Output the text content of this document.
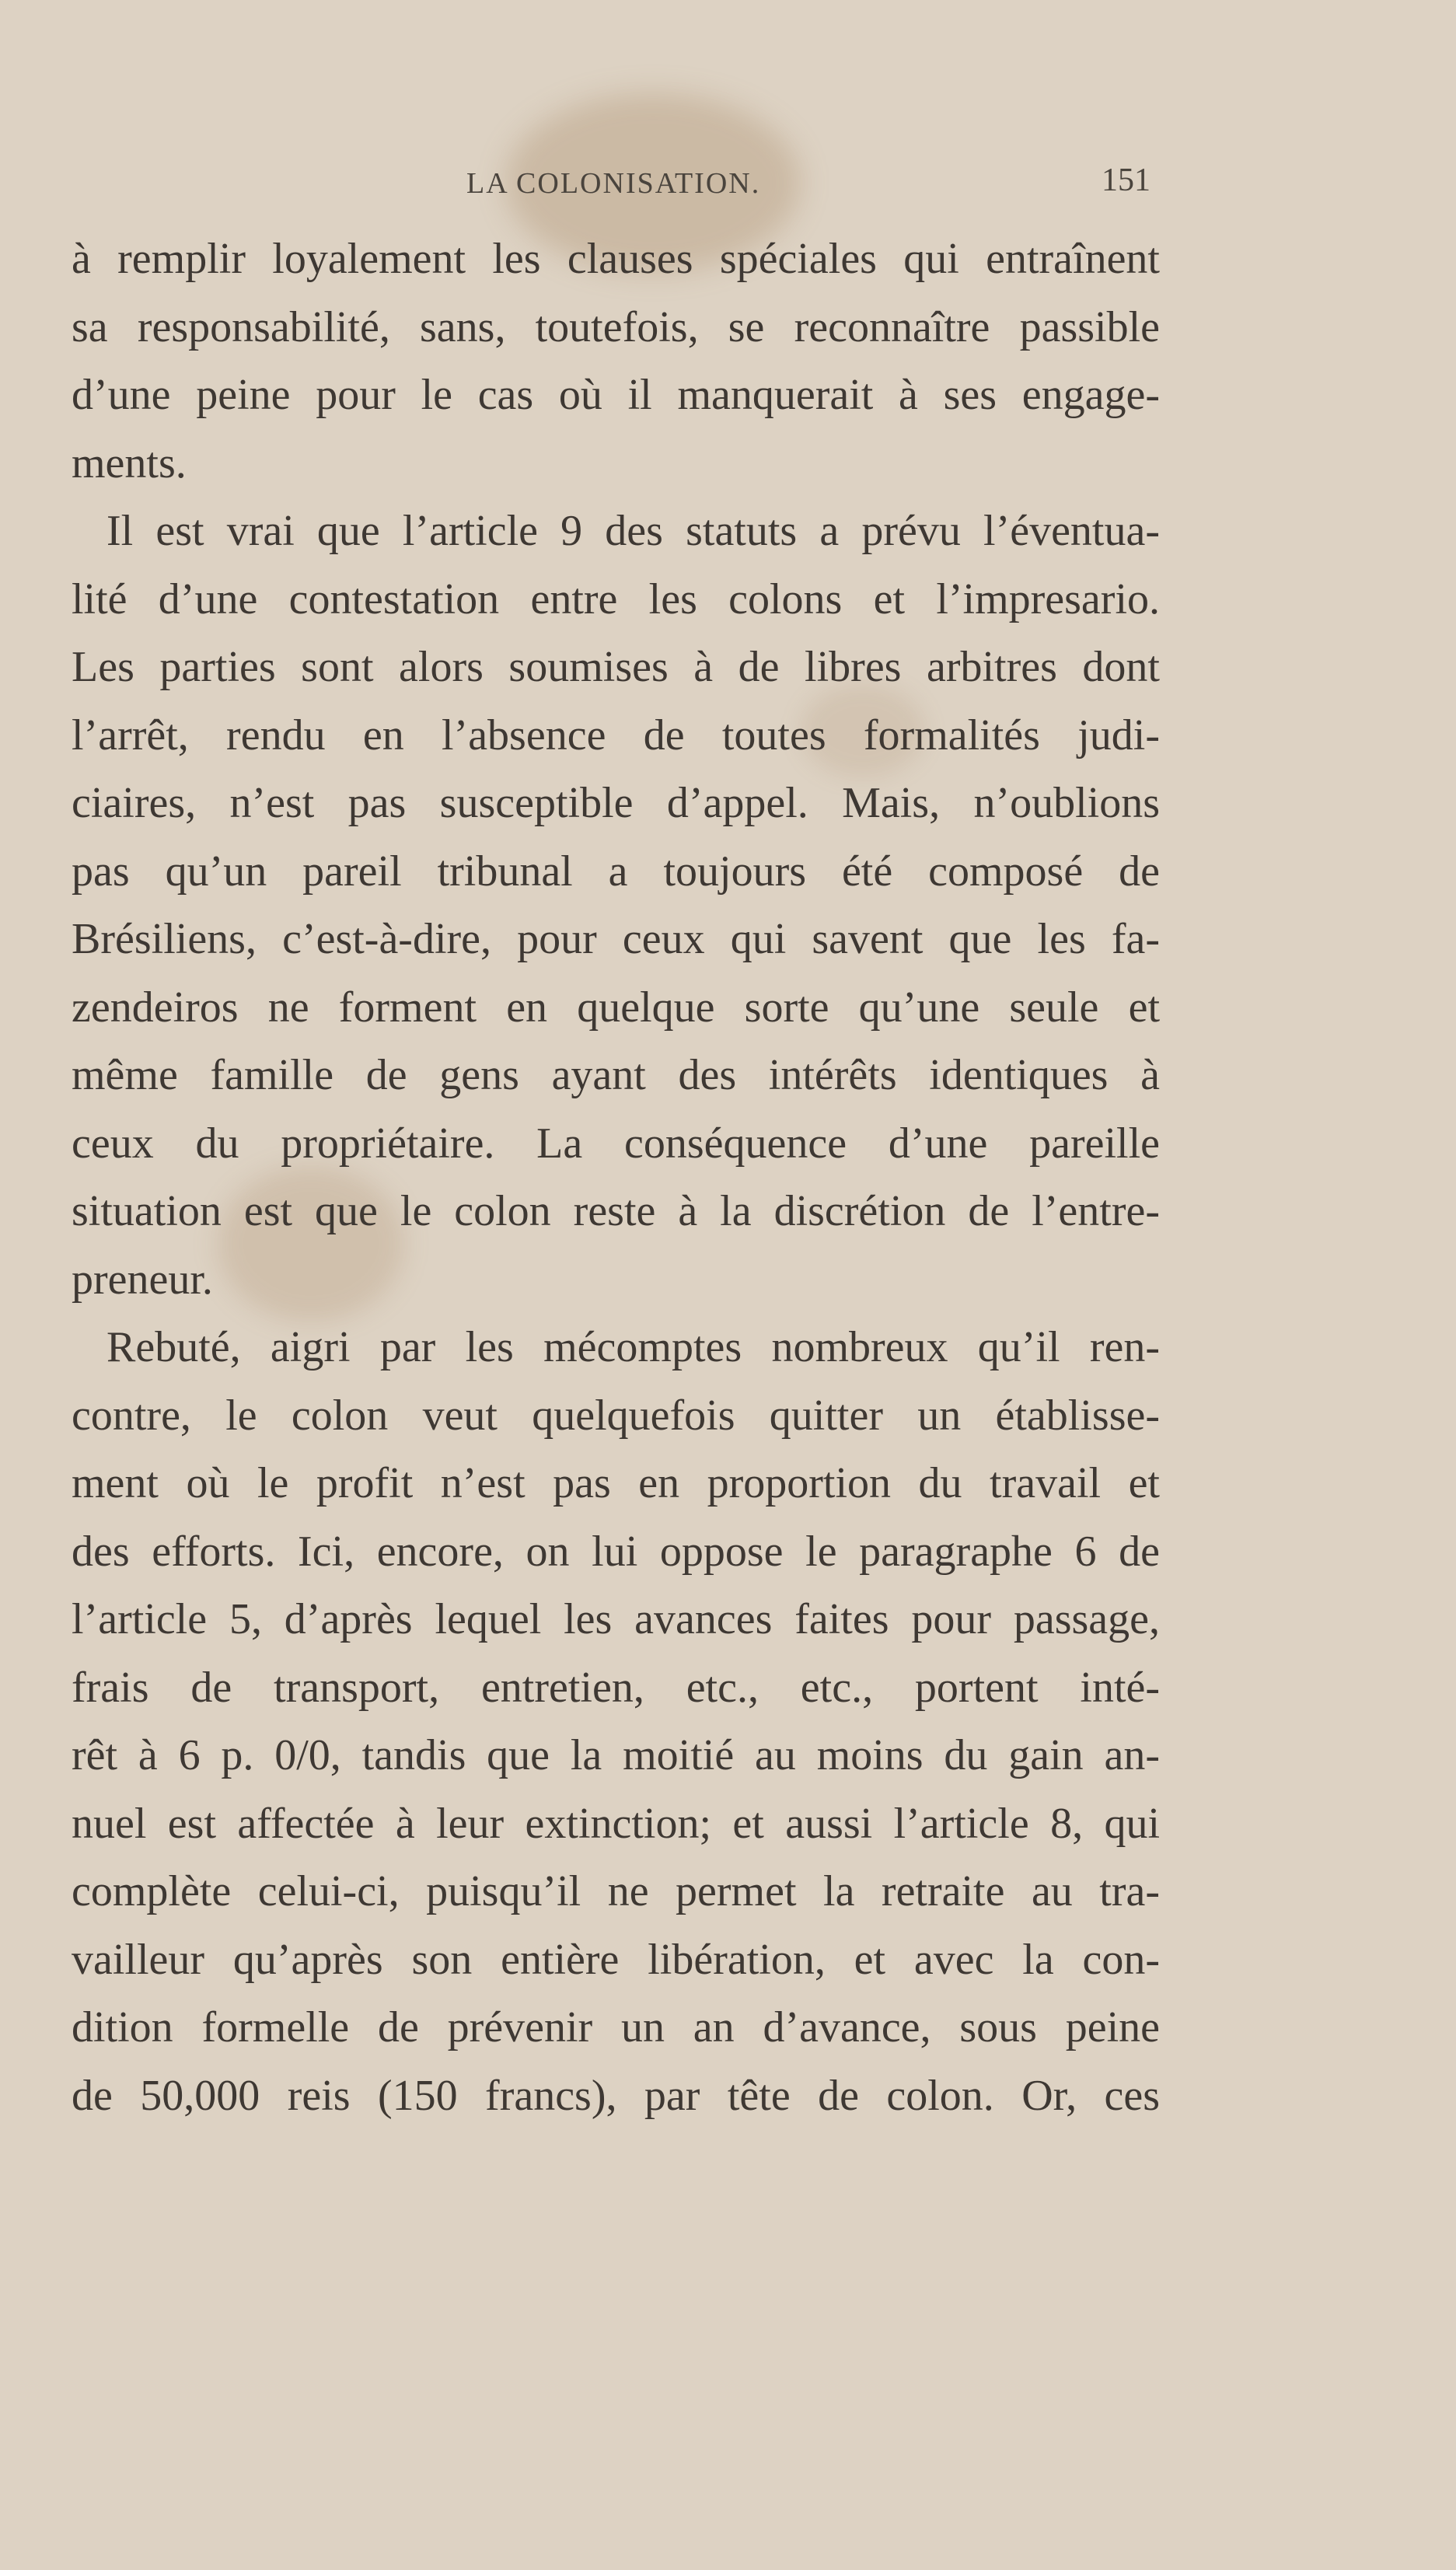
LA COLONISATION.	151
à remplir loyalement les clauses spéciales qui entraînent
sa responsabilité, sans, toutefois, se reconnaître passible
d’une peine pour le cas où il manquerait à ses engage-
ments.
Il est vrai que l’article 9 des statuts a prévu l’éventua-
lité d’une contestation entre les colons et l’impresario.
Les parties sont alors soumises à de libres arbitres dont
l’arrêt, rendu en l’absence de toutes formalités judi-
ciaires, n’est pas susceptible d’appel. Mais, n’oublions
pas qu’un pareil tribunal a toujours été composé de
Brésiliens, c’est-à-dire, pour ceux qui savent que les fa-
zendeiros ne forment en quelque sorte qu’une seule et
même famille de gens ayant des intérêts identiques à
ceux du propriétaire. La conséquence d’une pareille
situation est que le colon reste à la discrétion de l’entre-
preneur.
Rebuté, aigri par les mécomptes nombreux qu’il ren-
contre, le colon veut quelquefois quitter un établisse-
ment où le profit n’est pas en proportion du travail et
des efforts. Ici, encore, on lui oppose le paragraphe 6 de
l’article 5, d’après lequel les avances faites pour passage,
frais de transport, entretien, etc., etc., portent inté-
rêt à 6 p. 0/0, tandis que la moitié au moins du gain an-
nuel est affectée à leur extinction; et aussi l’article 8, qui
complète celui-ci, puisqu’il ne permet la retraite au tra-
vailleur qu’après son entière libération, et avec la con-
dition formelle de prévenir un an d’avance, sous peine
de 50,000 reis (150 francs), par tête de colon. Or, ces
